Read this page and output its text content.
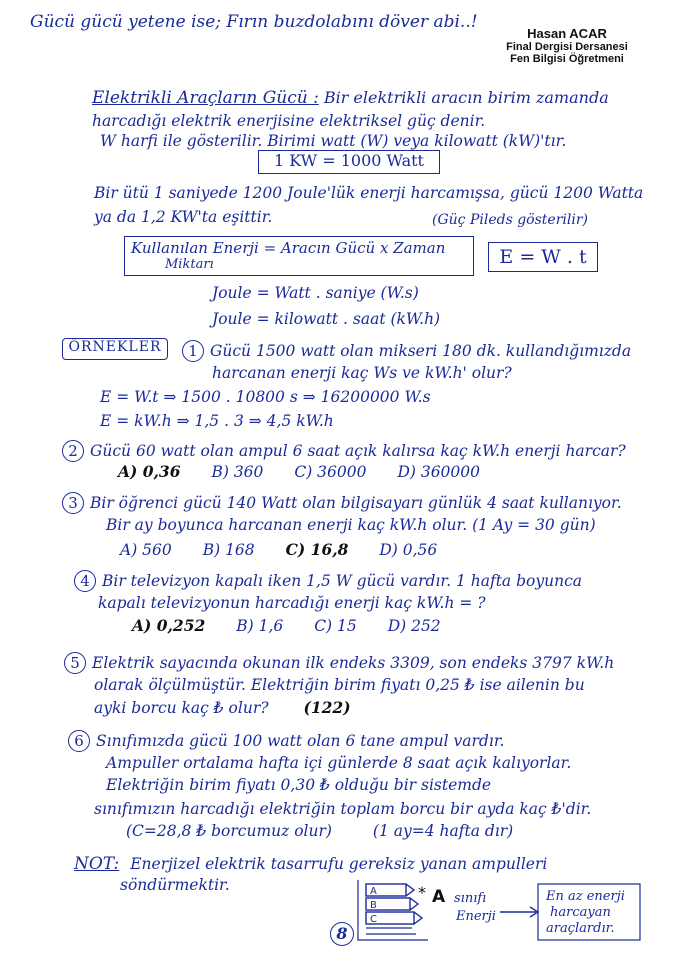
Gücü gücü yetene ise; Fırın buzdolabını döver abi..!
Hasan ACAR
Final Dergisi Dersanesi
Fen Bilgisi Öğretmeni
Elektrikli Araçların Gücü : Bir elektrikli aracın birim zamanda
harcadığı elektrik enerjisine elektriksel güç denir.
W harfi ile gösterilir. Birimi watt (W) veya kilowatt (kW)'tır.
1 KW = 1000 Watt
Bir ütü 1 saniyede 1200 Joule'lük enerji harcamışsa, gücü 1200 Watta
ya da 1,2 KW'ta eşittir.	(Güç Pileds gösterilir)
Kullanılan Enerji = Aracın Gücü x Zaman
Miktarı	E = W . t
Joule = Watt . saniye (W.s)
Joule = kilowatt . saat (kW.h)
ÖRNEKLER	1 Gücü 1500 watt olan mikseri 180 dk. kullandığımızda
harcanan enerji kaç Ws ve kW.h' olur?
E = W.t ⇒ 1500 . 10800 s ⇒ 16200000 W.s
E = kW.h ⇒ 1,5 . 3 ⇒ 4,5 kW.h
2 Gücü 60 watt olan ampul 6 saat açık kalırsa kaç kW.h enerji harcar?
A) 0,36 B) 360 C) 36000 D) 360000
3 Bir öğrenci gücü 140 Watt olan bilgisayarı günlük 4 saat kullanıyor.
Bir ay boyunca harcanan enerji kaç kW.h olur. (1 Ay = 30 gün)
A) 560 B) 168 C) 16,8 D) 0,56
4 Bir televizyon kapalı iken 1,5 W gücü vardır. 1 hafta boyunca
kapalı televizyonun harcadığı enerji kaç kW.h = ?
A) 0,252 B) 1,6 C) 15 D) 252
5 Elektrik sayacında okunan ilk endeks 3309, son endeks 3797 kW.h
olarak ölçülmüştür. Elektriğin birim fiyatı 0,25 ₺ ise ailenin bu
ayki borcu kaç ₺ olur? (122)
6 Sınıfımızda gücü 100 watt olan 6 tane ampul vardır.
Ampuller ortalama hafta içi günlerde 8 saat açık kalıyorlar.
Elektriğin birim fiyatı 0,30 ₺ olduğu bir sistemde
sınıfımızın harcadığı elektriğin toplam borcu bir ayda kaç ₺'dir.
(C=28,8 ₺ borcumuz olur)	(1 ay=4 hafta dır)
NOT: Enerjizel elektrik tasarrufu gereksiz yanan ampulleri
söndürmektir.	A
B
C
* A sınıfı
Enerji
En az enerji
harcayan
araçlardır.
8
